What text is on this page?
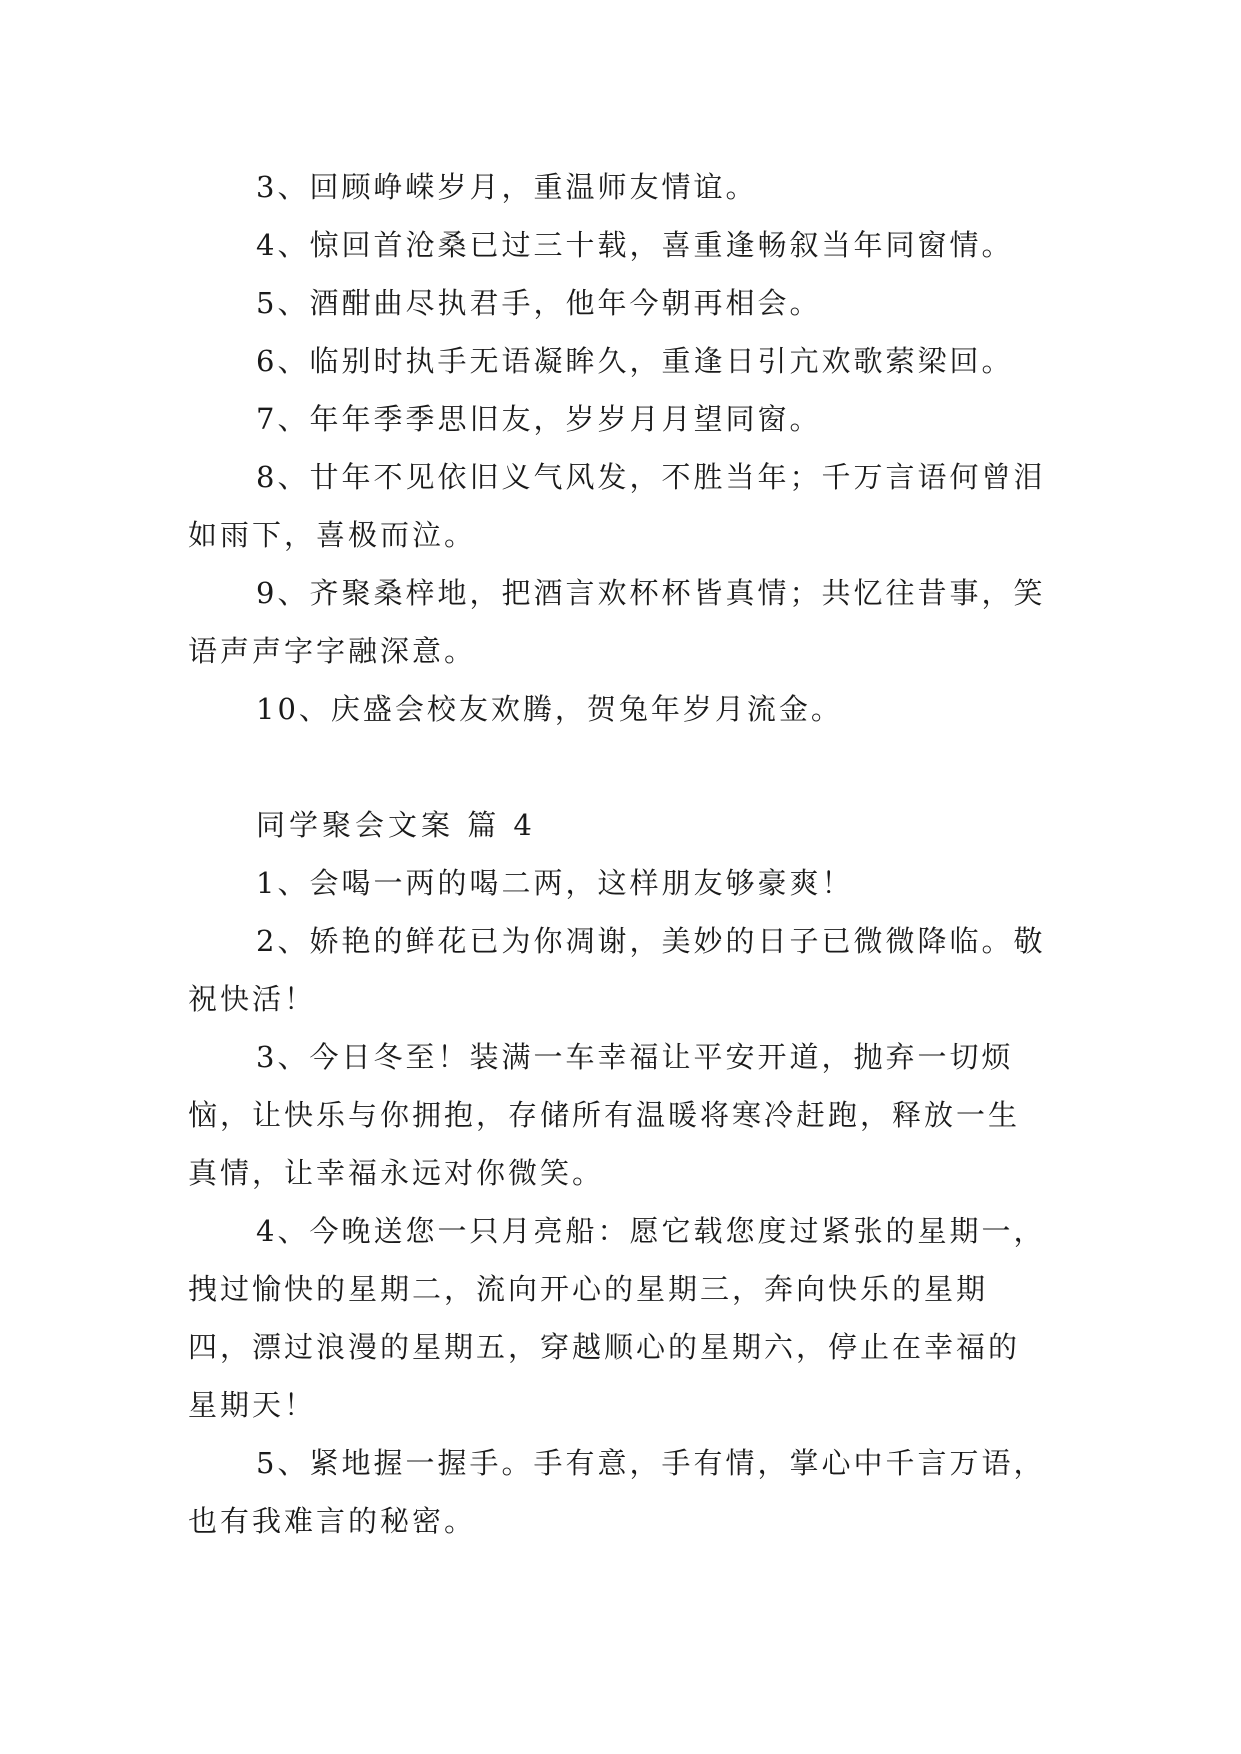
3、回顾峥嵘岁月，重温师友情谊。

4、惊回首沧桑已过三十载，喜重逢畅叙当年同窗情。

5、酒酣曲尽执君手，他年今朝再相会。

6、临别时执手无语凝眸久，重逢日引亢欢歌萦梁回。

7、年年季季思旧友，岁岁月月望同窗。

8、廿年不见依旧义气风发，不胜当年；千万言语何曾泪如雨下，喜极而泣。

9、齐聚桑梓地，把酒言欢杯杯皆真情；共忆往昔事，笑语声声字字融深意。

10、庆盛会校友欢腾，贺兔年岁月流金。

同学聚会文案 篇 4

1、会喝一两的喝二两，这样朋友够豪爽！

2、娇艳的鲜花已为你凋谢，美妙的日子已微微降临。敬祝快活！

3、今日冬至！装满一车幸福让平安开道，抛弃一切烦恼，让快乐与你拥抱，存储所有温暖将寒冷赶跑，释放一生真情，让幸福永远对你微笑。

4、今晚送您一只月亮船：愿它载您度过紧张的星期一，拽过愉快的星期二，流向开心的星期三，奔向快乐的星期四，漂过浪漫的星期五，穿越顺心的星期六，停止在幸福的星期天！

5、紧地握一握手。手有意，手有情，掌心中千言万语，也有我难言的秘密。
